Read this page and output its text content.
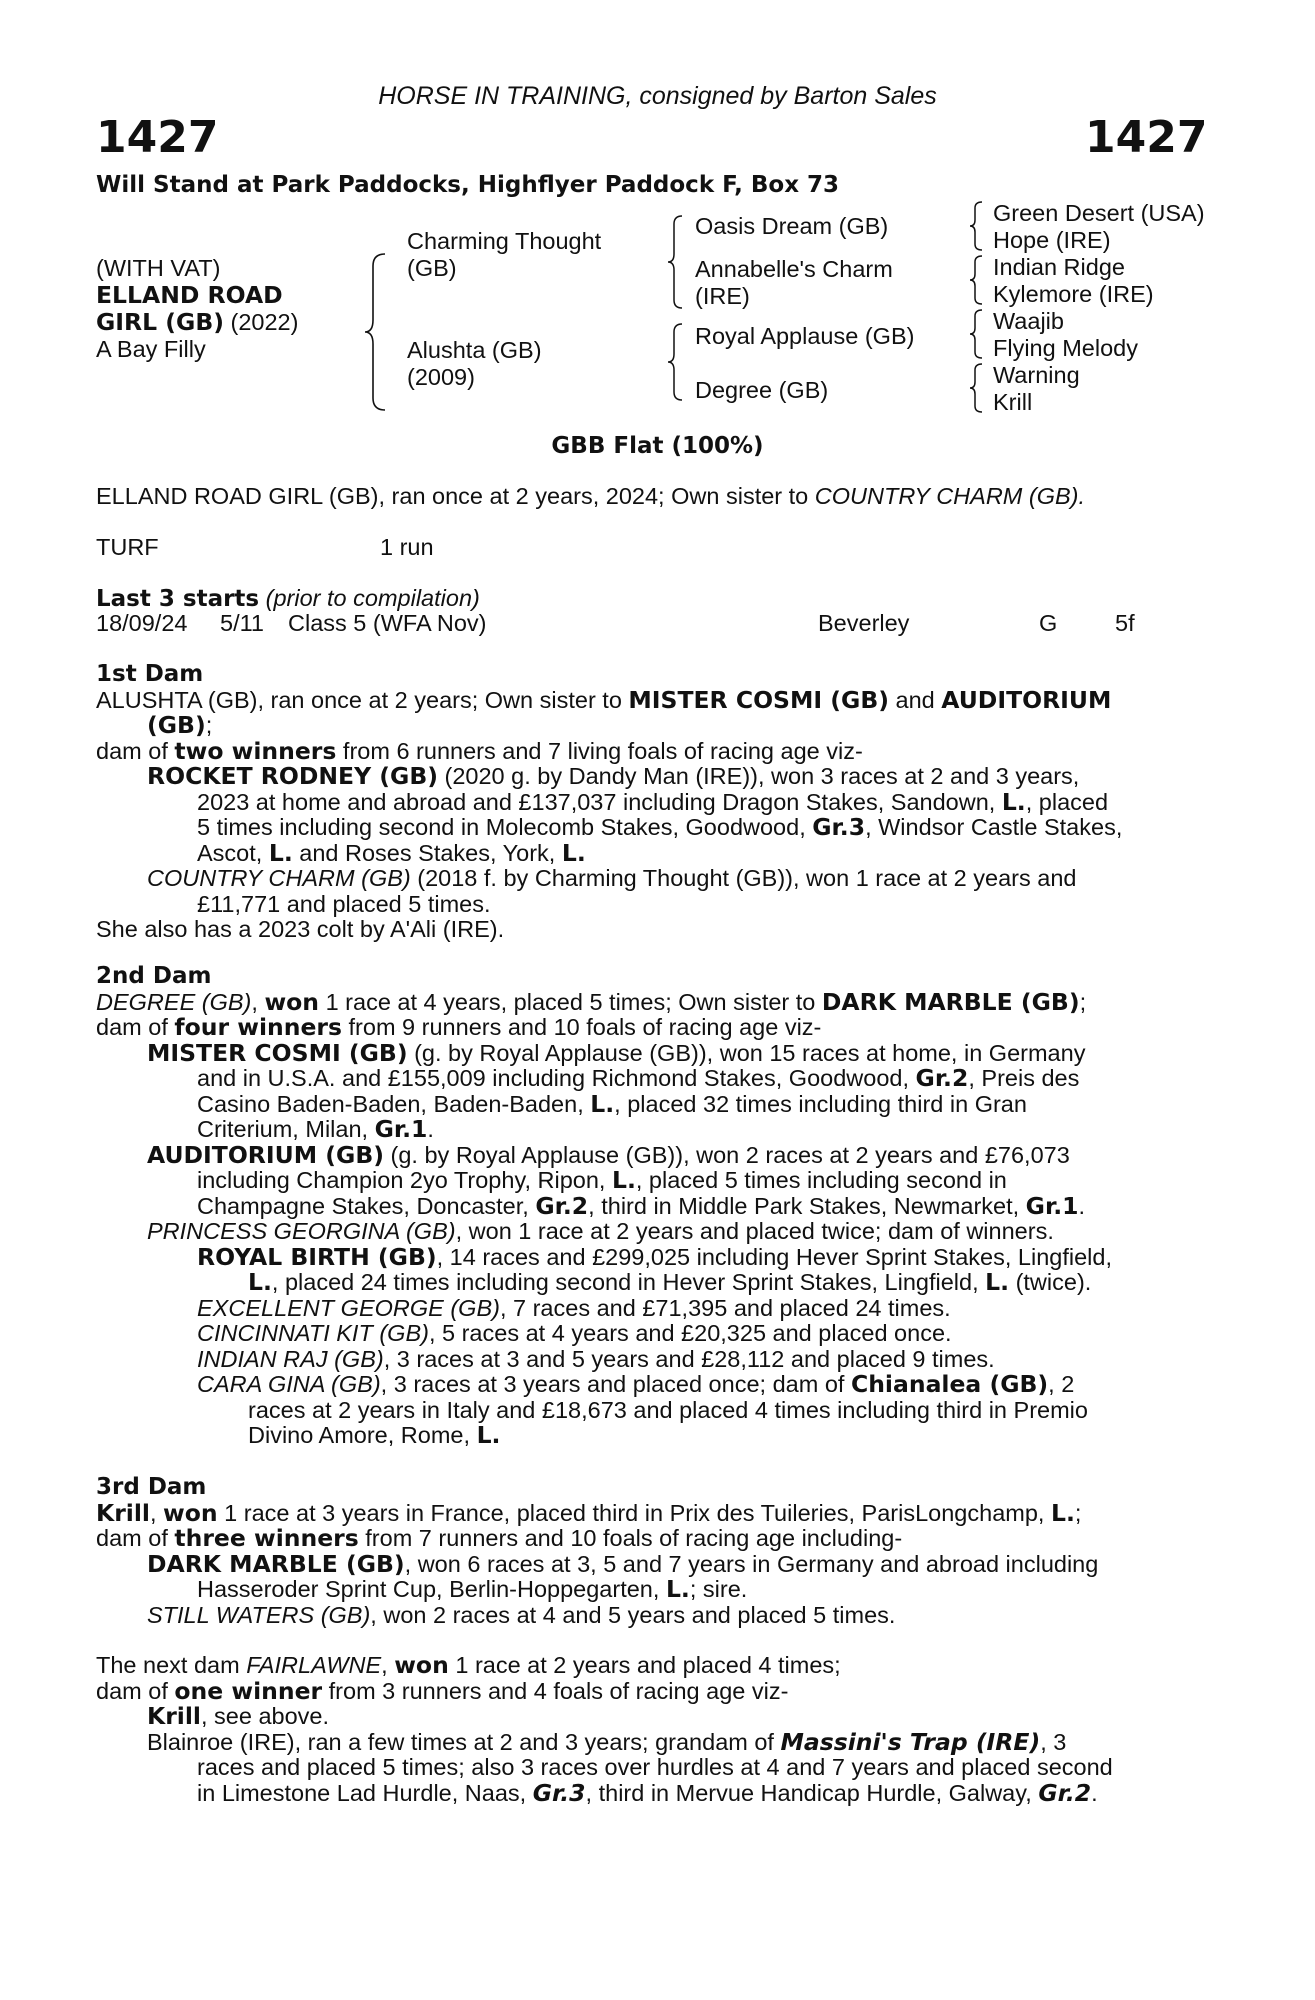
HORSE IN TRAINING, consigned by Barton Sales
1427	1427
Will Stand at Park Paddocks, Highflyer Paddock F, Box 73
(WITH VAT)
ELLAND ROAD
GIRL (GB) (2022)
A Bay Filly
Charming Thought
(GB)
Alushta (GB)
(2009)
Oasis Dream (GB)
Annabelle's Charm
(IRE)
Royal Applause (GB)
Degree (GB)
Green Desert (USA)
Hope (IRE)
Indian Ridge
Kylemore (IRE)
Waajib
Flying Melody
Warning
Krill
GBB Flat (100%)
ELLAND ROAD GIRL (GB), ran once at 2 years, 2024; Own sister to COUNTRY CHARM (GB).
TURF	1 run
Last 3 starts (prior to compilation)
18/09/24 5/11 Class 5 (WFA Nov)	Beverley	G 5f
1st Dam
ALUSHTA (GB), ran once at 2 years; Own sister to MISTER COSMI (GB) and AUDITORIUM
(GB);
dam of two winners from 6 runners and 7 living foals of racing age viz-
ROCKET RODNEY (GB) (2020 g. by Dandy Man (IRE)), won 3 races at 2 and 3 years,
2023 at home and abroad and £137,037 including Dragon Stakes, Sandown, L., placed
5 times including second in Molecomb Stakes, Goodwood, Gr.3, Windsor Castle Stakes,
Ascot, L. and Roses Stakes, York, L.
COUNTRY CHARM (GB) (2018 f. by Charming Thought (GB)), won 1 race at 2 years and
£11,771 and placed 5 times.
She also has a 2023 colt by A'Ali (IRE).
2nd Dam
DEGREE (GB), won 1 race at 4 years, placed 5 times; Own sister to DARK MARBLE (GB);
dam of four winners from 9 runners and 10 foals of racing age viz-
MISTER COSMI (GB) (g. by Royal Applause (GB)), won 15 races at home, in Germany
and in U.S.A. and £155,009 including Richmond Stakes, Goodwood, Gr.2, Preis des
Casino Baden-Baden, Baden-Baden, L., placed 32 times including third in Gran
Criterium, Milan, Gr.1.
AUDITORIUM (GB) (g. by Royal Applause (GB)), won 2 races at 2 years and £76,073
including Champion 2yo Trophy, Ripon, L., placed 5 times including second in
Champagne Stakes, Doncaster, Gr.2, third in Middle Park Stakes, Newmarket, Gr.1.
PRINCESS GEORGINA (GB), won 1 race at 2 years and placed twice; dam of winners.
ROYAL BIRTH (GB), 14 races and £299,025 including Hever Sprint Stakes, Lingfield,
L., placed 24 times including second in Hever Sprint Stakes, Lingfield, L. (twice).
EXCELLENT GEORGE (GB), 7 races and £71,395 and placed 24 times.
CINCINNATI KIT (GB), 5 races at 4 years and £20,325 and placed once.
INDIAN RAJ (GB), 3 races at 3 and 5 years and £28,112 and placed 9 times.
CARA GINA (GB), 3 races at 3 years and placed once; dam of Chianalea (GB), 2
races at 2 years in Italy and £18,673 and placed 4 times including third in Premio
Divino Amore, Rome, L.
3rd Dam
Krill, won 1 race at 3 years in France, placed third in Prix des Tuileries, ParisLongchamp, L.;
dam of three winners from 7 runners and 10 foals of racing age including-
DARK MARBLE (GB), won 6 races at 3, 5 and 7 years in Germany and abroad including
Hasseroder Sprint Cup, Berlin-Hoppegarten, L.; sire.
STILL WATERS (GB), won 2 races at 4 and 5 years and placed 5 times.
The next dam FAIRLAWNE, won 1 race at 2 years and placed 4 times;
dam of one winner from 3 runners and 4 foals of racing age viz-
Krill, see above.
Blainroe (IRE), ran a few times at 2 and 3 years; grandam of Massini's Trap (IRE), 3
races and placed 5 times; also 3 races over hurdles at 4 and 7 years and placed second
in Limestone Lad Hurdle, Naas, Gr.3, third in Mervue Handicap Hurdle, Galway, Gr.2.
